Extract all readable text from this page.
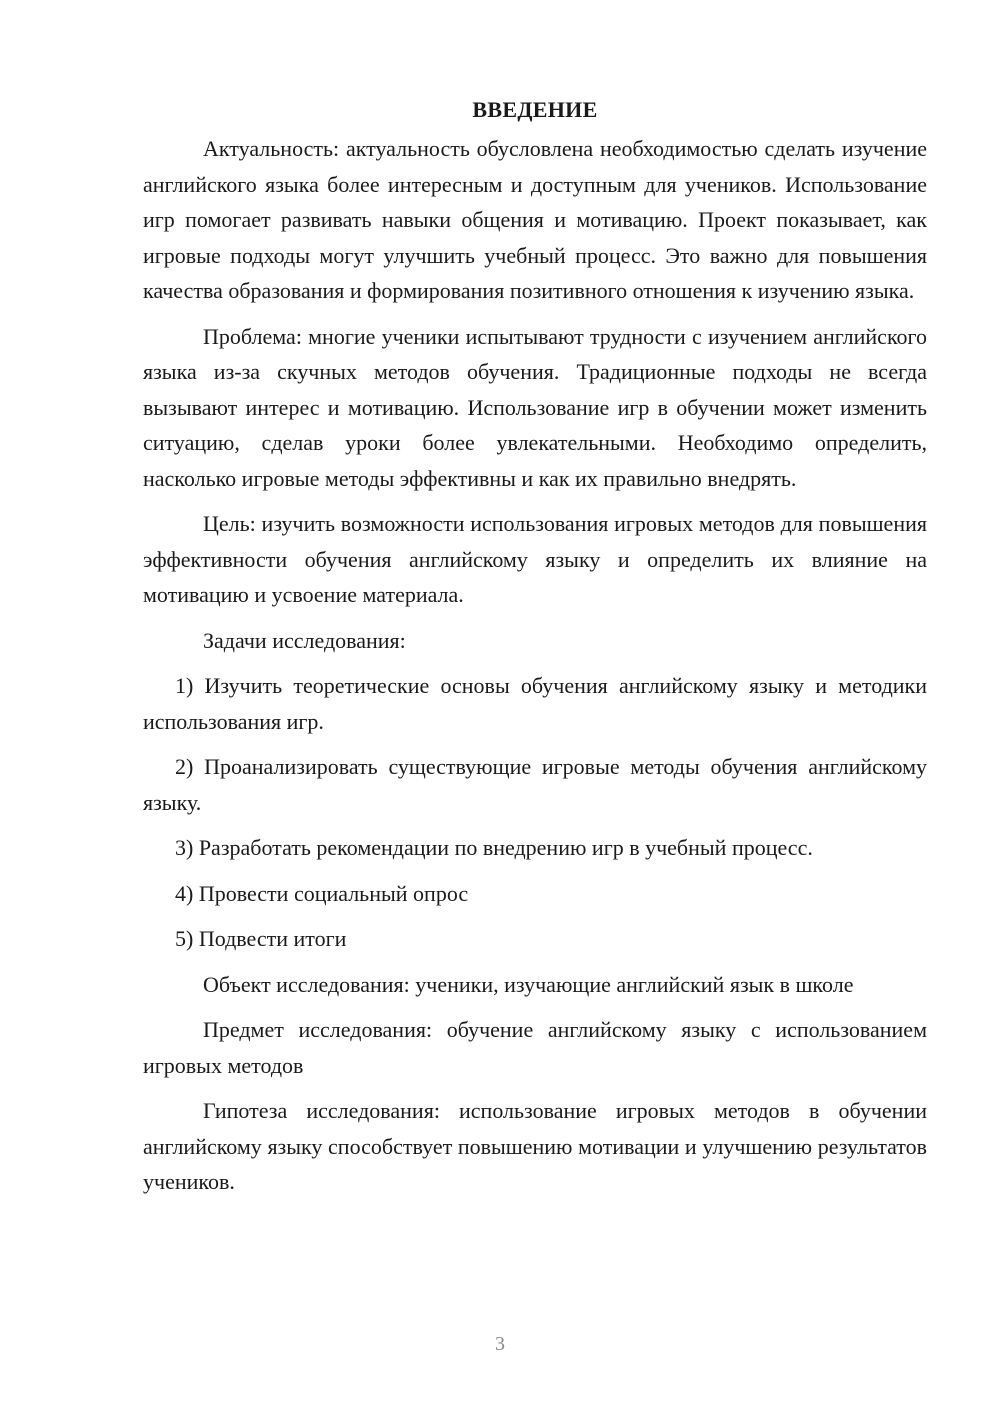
ВВЕДЕНИЕ

Актуальность: актуальность обусловлена необходимостью сделать изучение английского языка более интересным и доступным для учеников. Использование игр помогает развивать навыки общения и мотивацию. Проект показывает, как игровые подходы могут улучшить учебный процесс. Это важно для повышения качества образования и формирования позитивного отношения к изучению языка.

Проблема: многие ученики испытывают трудности с изучением английского языка из-за скучных методов обучения. Традиционные подходы не всегда вызывают интерес и мотивацию. Использование игр в обучении может изменить ситуацию, сделав уроки более увлекательными. Необходимо определить, насколько игровые методы эффективны и как их правильно внедрять.

Цель: изучить возможности использования игровых методов для повышения эффективности обучения английскому языку и определить их влияние на мотивацию и усвоение материала.

Задачи исследования:

1) Изучить теоретические основы обучения английскому языку и методики использования игр.

2) Проанализировать существующие игровые методы обучения английскому языку.

3) Разработать рекомендации по внедрению игр в учебный процесс.

4) Провести социальный опрос

5) Подвести итоги

Объект исследования: ученики, изучающие английский язык в школе

Предмет исследования: обучение английскому языку с использованием игровых методов

Гипотеза исследования: использование игровых методов в обучении английскому языку способствует повышению мотивации и улучшению результатов учеников.

3
